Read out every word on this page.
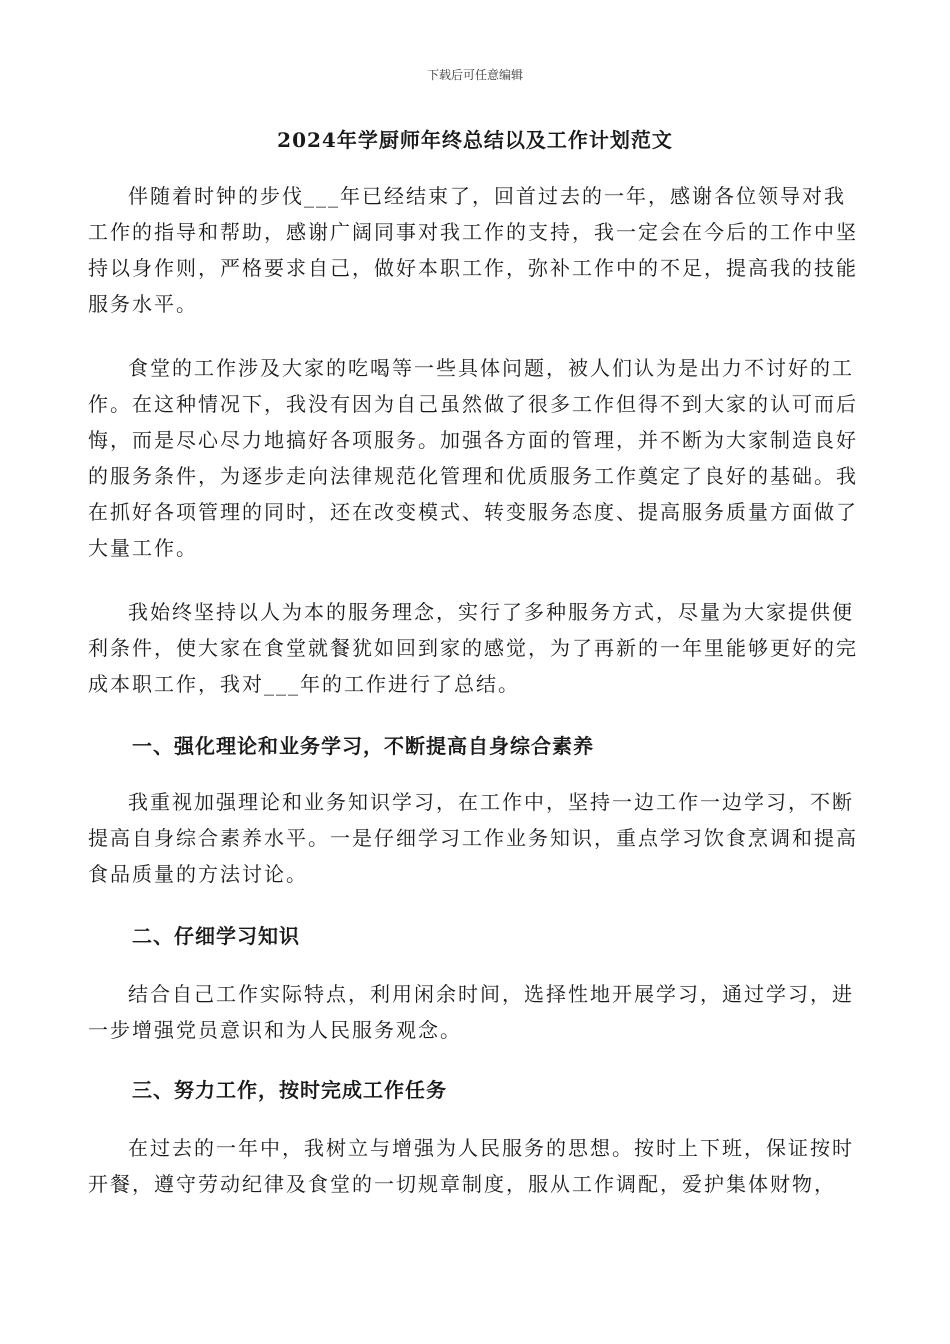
下载后可任意编辑
2024年学厨师年终总结以及工作计划范文

伴随着时钟的步伐___年已经结束了，回首过去的一年，感谢各位领导对我工作的指导和帮助，感谢广阔同事对我工作的支持，我一定会在今后的工作中坚持以身作则，严格要求自己，做好本职工作，弥补工作中的不足，提高我的技能服务水平。

食堂的工作涉及大家的吃喝等一些具体问题，被人们认为是出力不讨好的工作。在这种情况下，我没有因为自己虽然做了很多工作但得不到大家的认可而后悔，而是尽心尽力地搞好各项服务。加强各方面的管理，并不断为大家制造良好的服务条件，为逐步走向法律规范化管理和优质服务工作奠定了良好的基础。我在抓好各项管理的同时，还在改变模式、转变服务态度、提高服务质量方面做了大量工作。

我始终坚持以人为本的服务理念，实行了多种服务方式，尽量为大家提供便利条件，使大家在食堂就餐犹如回到家的感觉，为了再新的一年里能够更好的完成本职工作，我对___年的工作进行了总结。

一、强化理论和业务学习，不断提高自身综合素养

我重视加强理论和业务知识学习，在工作中，坚持一边工作一边学习，不断提高自身综合素养水平。一是仔细学习工作业务知识，重点学习饮食烹调和提高食品质量的方法讨论。

二、仔细学习知识

结合自己工作实际特点，利用闲余时间，选择性地开展学习，通过学习，进一步增强党员意识和为人民服务观念。

三、努力工作，按时完成工作任务

在过去的一年中，我树立与增强为人民服务的思想。按时上下班，保证按时开餐，遵守劳动纪律及食堂的一切规章制度，服从工作调配，爱护集体财物，
